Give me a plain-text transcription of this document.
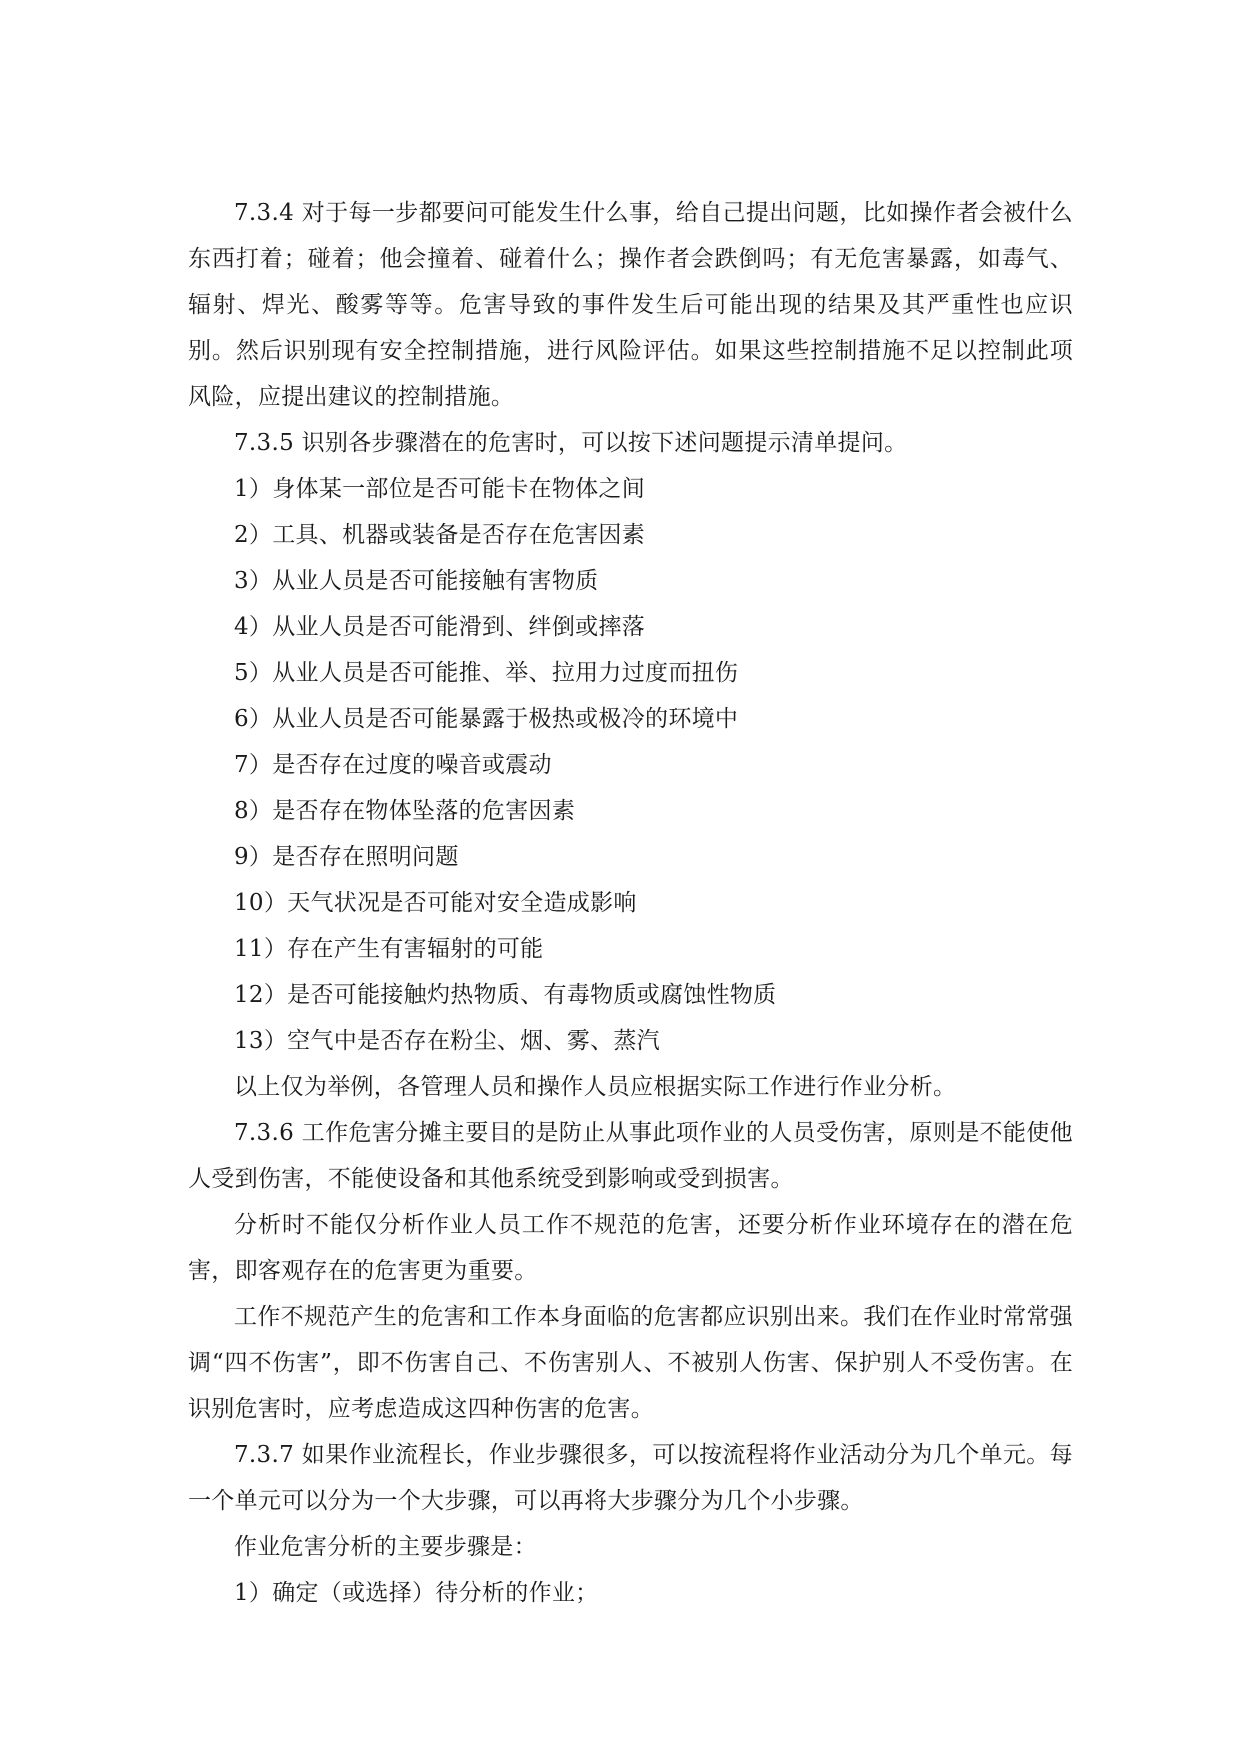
7.3.4 对于每一步都要问可能发生什么事，给自己提出问题，比如操作者会被什么东西打着；碰着；他会撞着、碰着什么；操作者会跌倒吗；有无危害暴露，如毒气、辐射、焊光、酸雾等等。危害导致的事件发生后可能出现的结果及其严重性也应识别。然后识别现有安全控制措施，进行风险评估。如果这些控制措施不足以控制此项风险，应提出建议的控制措施。

7.3.5 识别各步骤潜在的危害时，可以按下述问题提示清单提问。

1）身体某一部位是否可能卡在物体之间

2）工具、机器或装备是否存在危害因素

3）从业人员是否可能接触有害物质

4）从业人员是否可能滑到、绊倒或摔落

5）从业人员是否可能推、举、拉用力过度而扭伤

6）从业人员是否可能暴露于极热或极冷的环境中

7）是否存在过度的噪音或震动

8）是否存在物体坠落的危害因素

9）是否存在照明问题

10）天气状况是否可能对安全造成影响

11）存在产生有害辐射的可能

12）是否可能接触灼热物质、有毒物质或腐蚀性物质

13）空气中是否存在粉尘、烟、雾、蒸汽

以上仅为举例，各管理人员和操作人员应根据实际工作进行作业分析。

7.3.6 工作危害分摊主要目的是防止从事此项作业的人员受伤害，原则是不能使他人受到伤害，不能使设备和其他系统受到影响或受到损害。

分析时不能仅分析作业人员工作不规范的危害，还要分析作业环境存在的潜在危害，即客观存在的危害更为重要。

工作不规范产生的危害和工作本身面临的危害都应识别出来。我们在作业时常常强调“四不伤害”，即不伤害自己、不伤害别人、不被别人伤害、保护别人不受伤害。在识别危害时，应考虑造成这四种伤害的危害。

7.3.7 如果作业流程长，作业步骤很多，可以按流程将作业活动分为几个单元。每一个单元可以分为一个大步骤，可以再将大步骤分为几个小步骤。

作业危害分析的主要步骤是：

1）确定（或选择）待分析的作业；
